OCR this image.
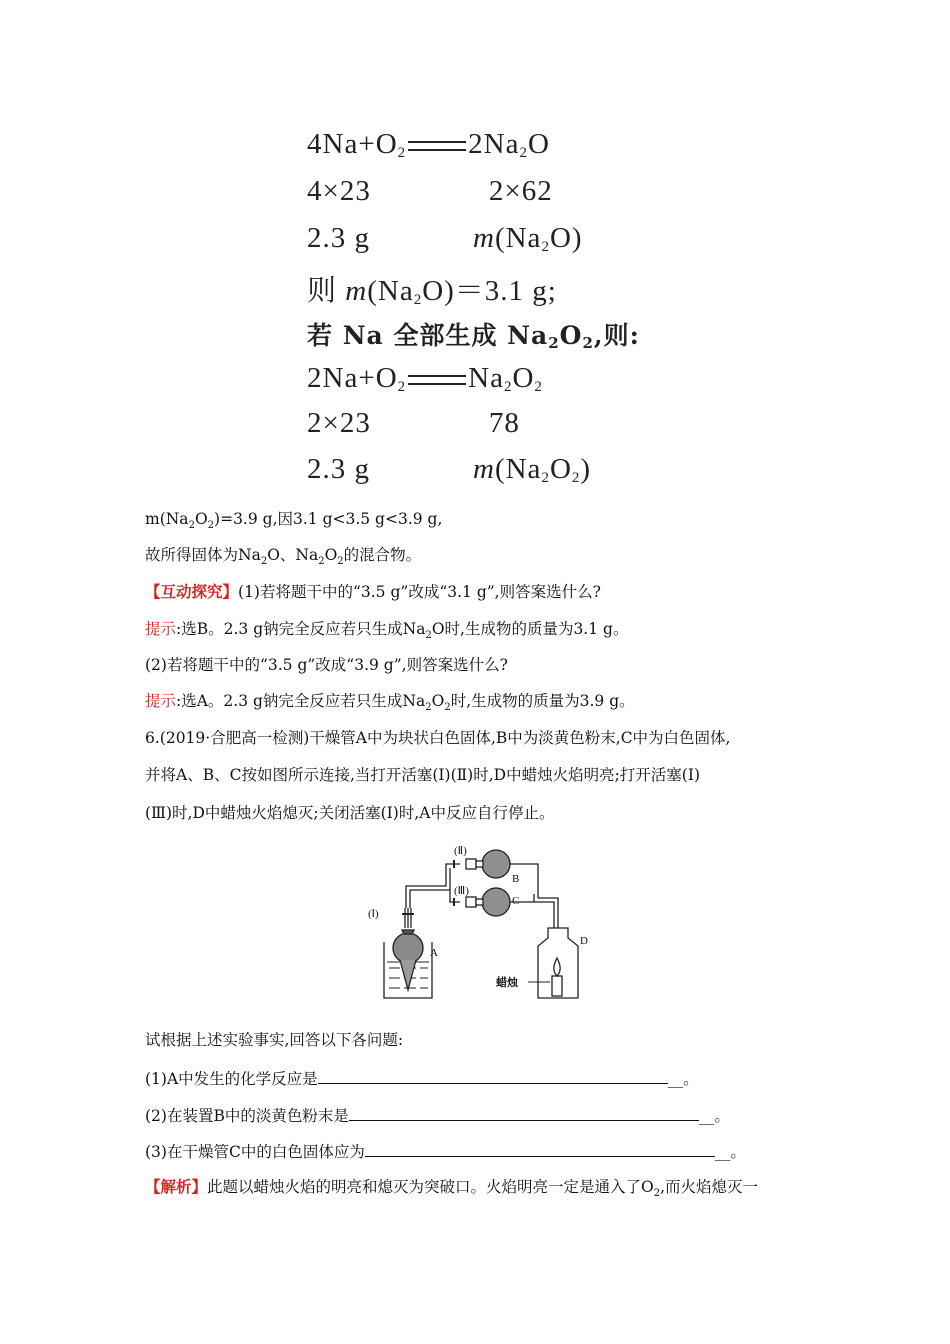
$4Na+O_2$ $2Na_2O$
4×23	2×62
2.3 g	$m(Na_2O)$
则 $m(Na_2O)=3.1$ g;
若 Na 全部生成 $Na_2O_2$,则:
$2Na+O_2$ $Na_2O_2$
2×23	78
2.3 g	$m(Na_2O_2)$
$m(Na_2O_2)=3.9$ g,因3.1 g<3.5 g<3.9 g,
故所得固体为$Na_2O$、$Na_2O_2$的混合物。
【互动探究】(1)若将题干中的“3.5 g”改成“3.1 g”,则答案选什么?
提示:选B。2.3 g钠完全反应若只生成$Na_2O$时,生成物的质量为3.1 g。
(2)若将题干中的“3.5 g”改成“3.9 g”,则答案选什么?
提示:选A。2.3 g钠完全反应若只生成$Na_2O_2$时,生成物的质量为3.9 g。
6.(2019·合肥高一检测)干燥管A中为块状白色固体,B中为淡黄色粉末,C中为白色固体,
并将A、B、C按如图所示连接,当打开活塞(Ⅰ)(Ⅱ)时,D中蜡烛火焰明亮;打开活塞(Ⅰ)
(Ⅲ)时,D中蜡烛火焰熄灭;关闭活塞(Ⅰ)时,A中反应自行停止。
(Ⅰ)
(Ⅱ)
(Ⅲ)
A
B
C
D
蜡烛
试根据上述实验事实,回答以下各问题:
(1)A中发生的化学反应是	__。
(2)在装置B中的淡黄色粉末是	__。
(3)在干燥管C中的白色固体应为	__。
【解析】此题以蜡烛火焰的明亮和熄灭为突破口。火焰明亮一定是通入了$O_2$,而火焰熄灭一
